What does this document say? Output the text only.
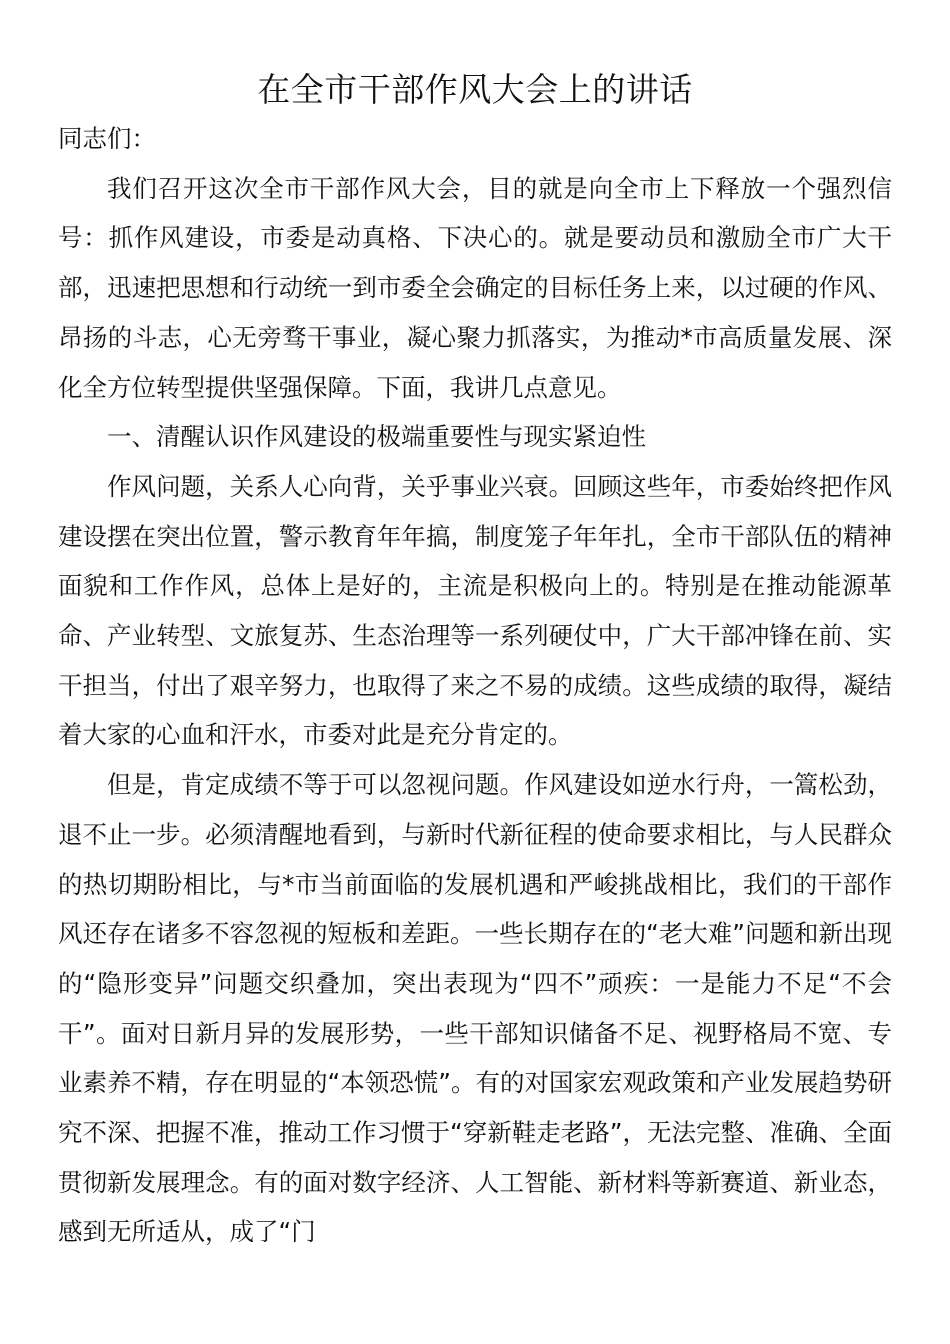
在全市干部作风大会上的讲话

同志们：

我们召开这次全市干部作风大会，目的就是向全市上下释放一个强烈信号：抓作风建设，市委是动真格、下决心的。就是要动员和激励全市广大干部，迅速把思想和行动统一到市委全会确定的目标任务上来，以过硬的作风、昂扬的斗志，心无旁骛干事业，凝心聚力抓落实，为推动*市高质量发展、深化全方位转型提供坚强保障。下面，我讲几点意见。

一、清醒认识作风建设的极端重要性与现实紧迫性

作风问题，关系人心向背，关乎事业兴衰。回顾这些年，市委始终把作风建设摆在突出位置，警示教育年年搞，制度笼子年年扎，全市干部队伍的精神面貌和工作作风，总体上是好的，主流是积极向上的。特别是在推动能源革命、产业转型、文旅复苏、生态治理等一系列硬仗中，广大干部冲锋在前、实干担当，付出了艰辛努力，也取得了来之不易的成绩。这些成绩的取得，凝结着大家的心血和汗水，市委对此是充分肯定的。

但是，肯定成绩不等于可以忽视问题。作风建设如逆水行舟，一篙松劲，退不止一步。必须清醒地看到，与新时代新征程的使命要求相比，与人民群众的热切期盼相比，与*市当前面临的发展机遇和严峻挑战相比，我们的干部作风还存在诸多不容忽视的短板和差距。一些长期存在的“老大难”问题和新出现的“隐形变异”问题交织叠加，突出表现为“四不”顽疾：一是能力不足“不会干”。面对日新月异的发展形势，一些干部知识储备不足、视野格局不宽、专业素养不精，存在明显的“本领恐慌”。有的对国家宏观政策和产业发展趋势研究不深、把握不准，推动工作习惯于“穿新鞋走老路”，无法完整、准确、全面贯彻新发展理念。有的面对数字经济、人工智能、新材料等新赛道、新业态，感到无所适从，成了“门
